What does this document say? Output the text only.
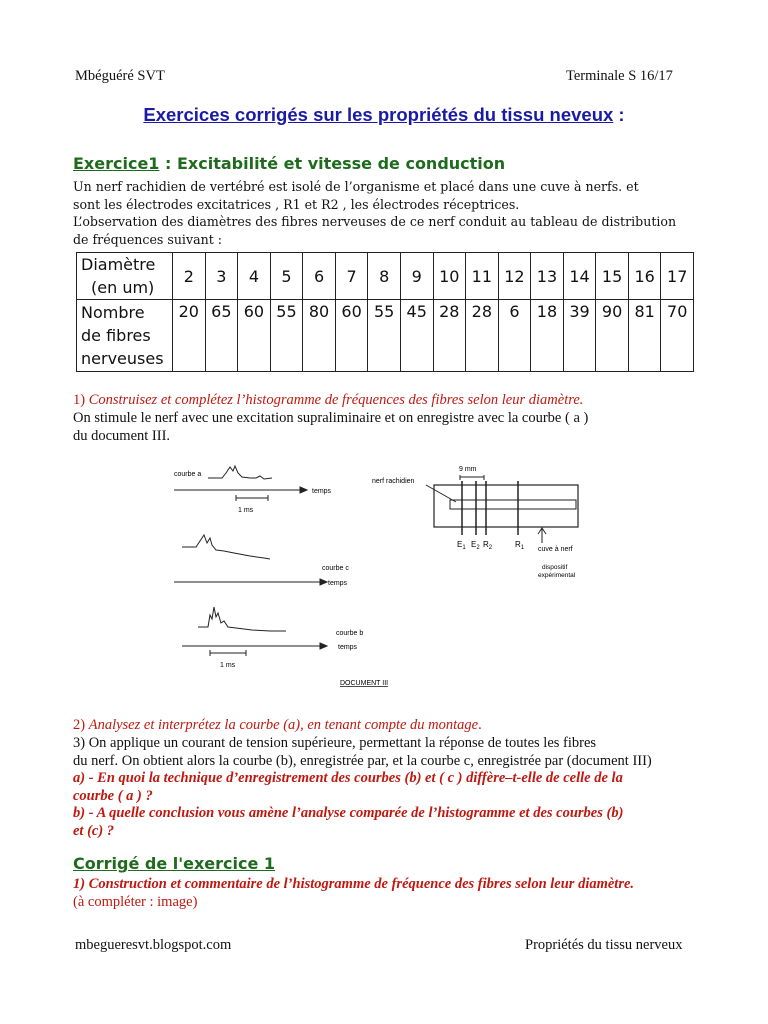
Mbéguéré SVT	Terminale S 16/17
Exercices corrigés sur les propriétés du tissu neveux :
Exercice1 : Excitabilité et vitesse de conduction
Un nerf rachidien de vertébré est isolé de l’organisme et placé dans une cuve à nerfs. et
sont les électrodes excitatrices , R1 et R2 , les électrodes réceptrices.
L’observation des diamètres des fibres nerveuses de ce nerf conduit au tableau de distribution
de fréquences suivant :
Diamètre
(en um)	2	3	4	5	6	7	8	9	10	11	12	13	14	15	16	17

Nombre
de fibres
nerveuses	20	65	60	55	80	60	55	45	28	28	6	18	39	90	81	70
1) Construisez et complétez l’histogramme de fréquences des fibres selon leur diamètre.
On stimule le nerf avec une excitation supraliminaire et on enregistre avec la courbe ( a )
du document III.
courbe a
temps
1 ms
courbe c
temps
courbe b
temps
1 ms
nerf rachidien
9 mm
$E_1$ $E_2$ $R_2$	$R_1$ cuve à nerf
dispositif
expérimental
DOCUMENT III
2) Analysez et interprétez la courbe (a), en tenant compte du montage.
3) On applique un courant de tension supérieure, permettant la réponse de toutes les fibres
du nerf. On obtient alors la courbe (b), enregistrée par, et la courbe c, enregistrée par (document III)
a) - En quoi la technique d’enregistrement des courbes (b) et ( c ) diffère–t-elle de celle de la
courbe ( a ) ?
b) - A quelle conclusion vous amène l’analyse comparée de l’histogramme et des courbes (b)
et (c) ?
Corrigé de l'exercice 1
1) Construction et commentaire de l’histogramme de fréquence des fibres selon leur diamètre.
(à compléter : image)
mbegueresvt.blogspot.com	Propriétés du tissu nerveux
